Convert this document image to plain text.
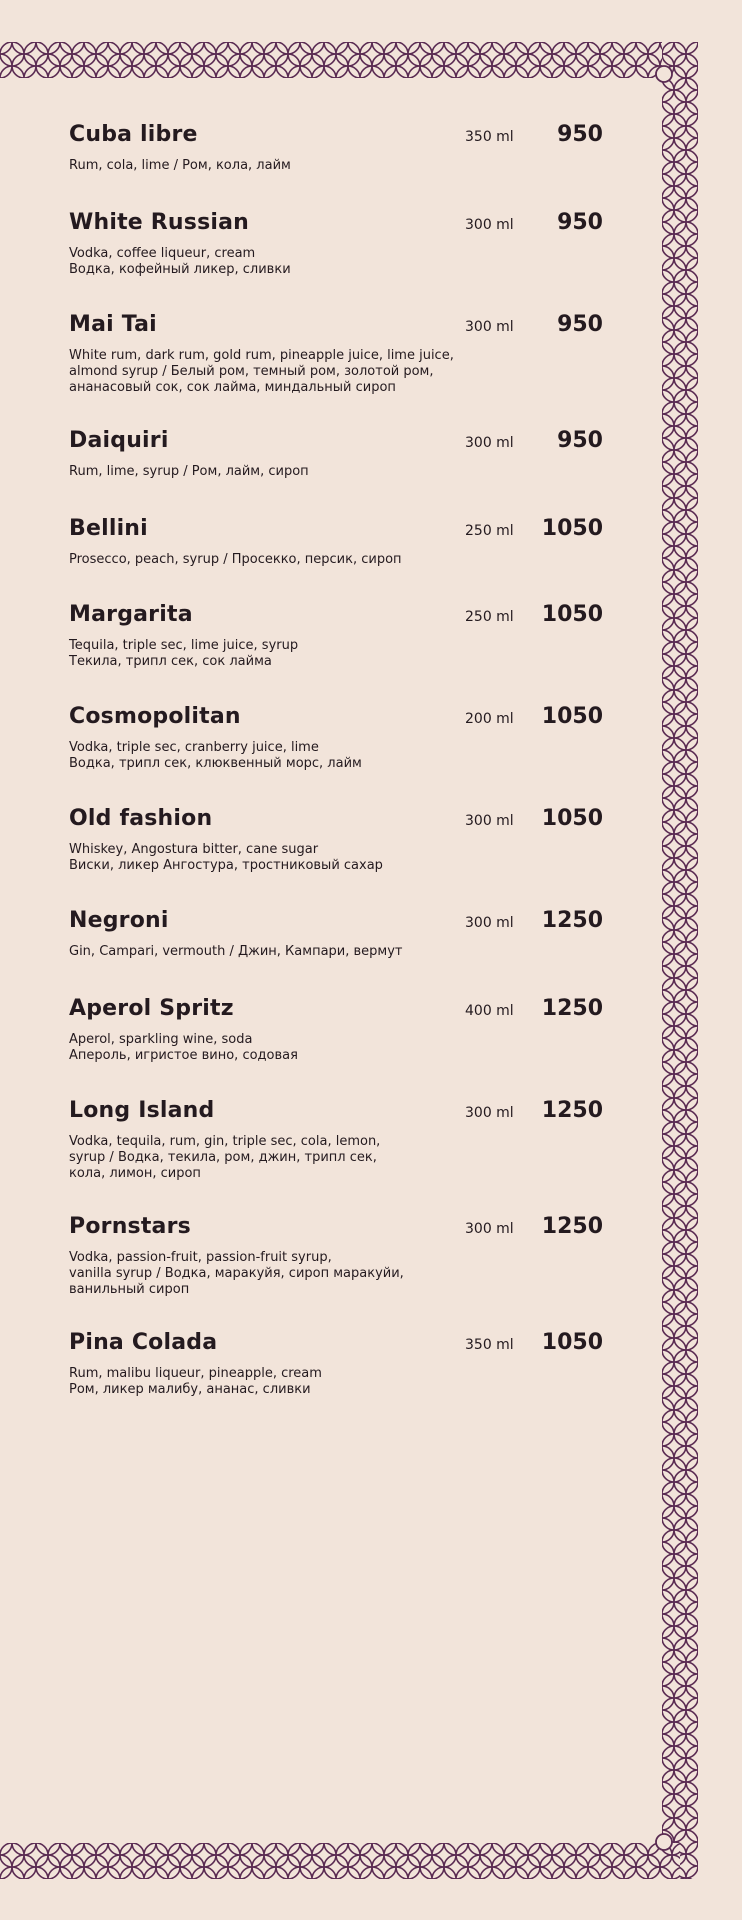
Cuba libre	350 ml	950
Rum, cola, lime / Ром, кола, лайм
White Russian	300 ml	950
Vodka, coffee liqueur, cream
Водка, кофейный ликер, сливки
Mai Tai	300 ml	950
White rum, dark rum, gold rum, pineapple juice, lime juice,
almond syrup / Белый ром, темный ром, золотой ром,
ананасовый сок, сок лайма, миндальный сироп
Daiquiri	300 ml	950
Rum, lime, syrup / Ром, лайм, сироп
Bellini	250 ml	1050
Prosecco, peach, syrup / Просекко, персик, сироп
Margarita	250 ml	1050
Tequila, triple sec, lime juice, syrup
Текила, трипл сек, сок лайма
Cosmopolitan	200 ml	1050
Vodka, triple sec, cranberry juice, lime
Водка, трипл сек, клюквенный морс, лайм
Old fashion	300 ml	1050
Whiskey, Angostura bitter, cane sugar
Виски, ликер Ангостура, тростниковый сахар
Negroni	300 ml	1250
Gin, Campari, vermouth / Джин, Кампари, вермут
Aperol Spritz	400 ml	1250
Aperol, sparkling wine, soda
Апероль, игристое вино, содовая
Long Island	300 ml	1250
Vodka, tequila, rum, gin, triple sec, cola, lemon,
syrup / Водка, текила, ром, джин, трипл сек,
кола, лимон, сироп
Pornstars	300 ml	1250
Vodka, passion-fruit, passion-fruit syrup,
vanilla syrup / Водка, маракуйя, сироп маракуйи,
ванильный сироп
Pina Colada	350 ml	1050
Rum, malibu liqueur, pineapple, cream
Ром, ликер малибу, ананас, сливки
